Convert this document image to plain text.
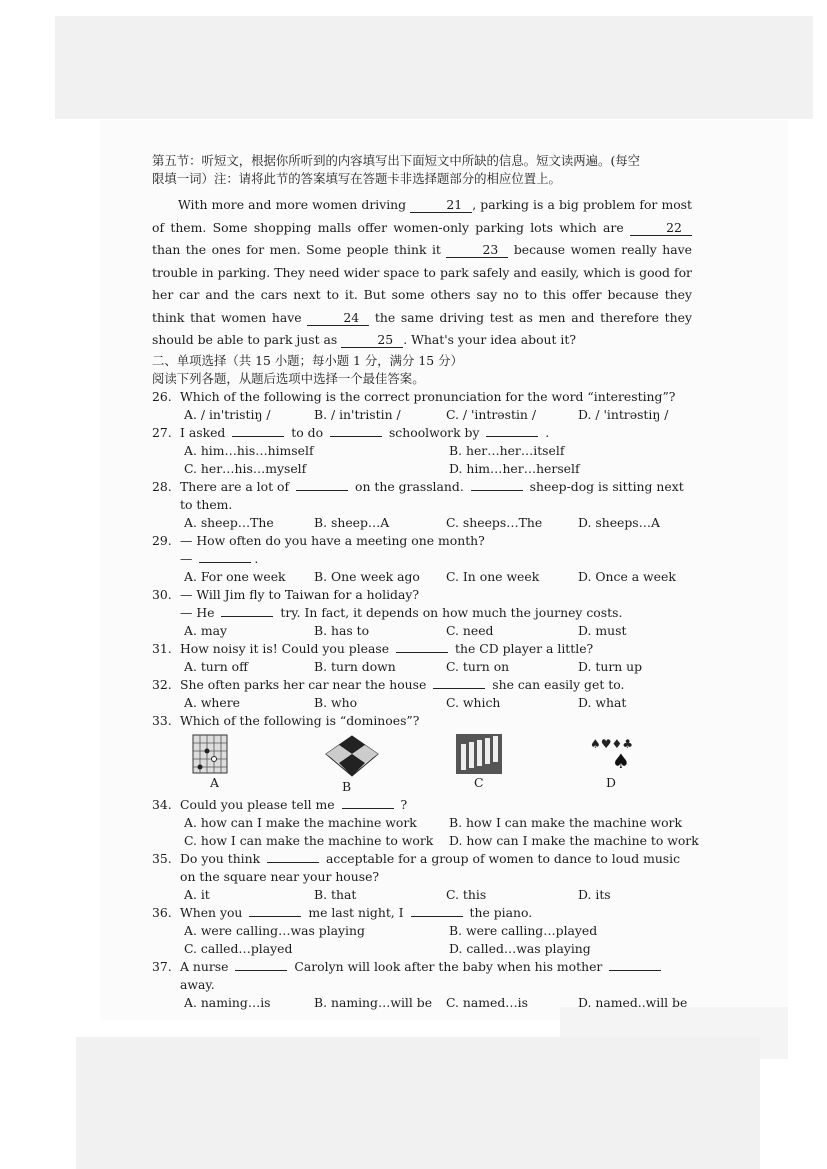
第五节：听短文，根据你所听到的内容填写出下面短文中所缺的信息。短文读两遍。(每空

限填一词）注：请将此节的答案填写在答题卡非选择题部分的相应位置上。

With more and more women driving	21 , parking is a big problem for most of them. Some shopping malls offer women-only parking lots which are	22 than the ones for men. Some people think it	23 because women really have trouble in parking. They need wider space to park safely and easily, which is good for her car and the cars next to it. But some others say no to this offer because they think that women have	24 the same driving test as men and therefore they should be able to park just as	25 . What's your idea about it?

二、单项选择（共 15 小题；每小题 1 分，满分 15 分）

阅读下列各题，从题后选项中选择一个最佳答案。

26. Which of the following is the correct pronunciation for the word “interesting”?
A. / in'tristiŋ /	B. / in'tristin /	C. / 'intrəstin /	D. / 'intrəstiŋ /
27. I asked	to do	schoolwork by	.
A. him…his…himself	B. her…her…itself
C. her…his…myself	D. him…her…herself
28. There are a lot of	on the grassland.	sheep-dog is sitting next to them.
A. sheep…The	B. sheep…A	C. sheeps…The	D. sheeps…A
29. — How often do you have a meeting one month?
—	.
A. For one week	B. One week ago	C. In one week	D. Once a week
30. — Will Jim fly to Taiwan for a holiday?
— He	try. In fact, it depends on how much the journey costs.
A. may	B. has to	C. need	D. must
31. How noisy it is! Could you please	the CD player a little?
A. turn off	B. turn down	C. turn on	D. turn up
32. She often parks her car near the house	she can easily get to.
A. where	B. who	C. which	D. what
33. Which of the following is “dominoes”?
A	B	C
♠♥♦♣
♠
D
34. Could you please tell me	?
A. how can I make the machine work	B. how I can make the machine work
C. how I can make the machine to work	D. how can I make the machine to work
35. Do you think	acceptable for a group of women to dance to loud music on the square near your house?
A. it	B. that	C. this	D. its
36. When you	me last night, I	the piano.
A. were calling…was playing	B. were calling…played
C. called…played	D. called…was playing
37. A nurse	Carolyn will look after the baby when his mother  away.
A. naming…is	B. naming…will be	C. named…is	D. named..will be
